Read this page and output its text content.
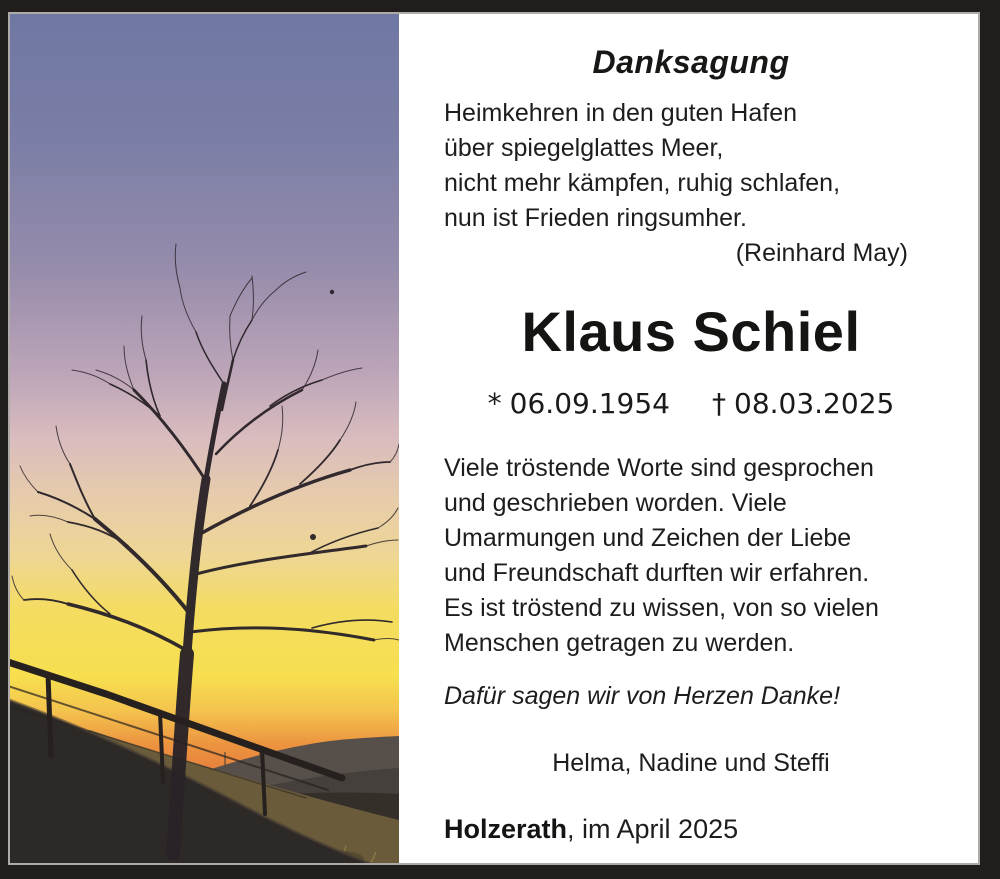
Danksagung
Heimkehren in den guten Hafen
über spiegelglattes Meer,
nicht mehr kämpfen, ruhig schlafen,
nun ist Frieden ringsumher.
(Reinhard May)
Klaus Schiel
* 06.09.1954 † 08.03.2025
Viele tröstende Worte sind gesprochen
und geschrieben worden. Viele
Umarmungen und Zeichen der Liebe
und Freundschaft durften wir erfahren.
Es ist tröstend zu wissen, von so vielen
Menschen getragen zu werden.
Dafür sagen wir von Herzen Danke!
Helma, Nadine und Steffi
Holzerath, im April 2025
